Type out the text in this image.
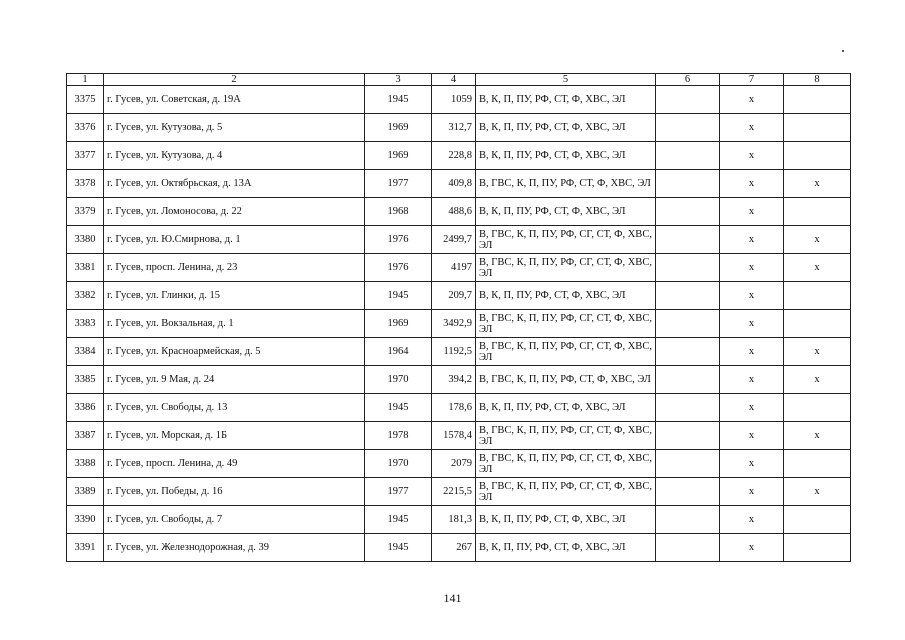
1	2	3	4	5	6	7	8
3375	г. Гусев, ул. Советская, д. 19А	1945	1059	В, К, П, ПУ, РФ, СТ, Ф, ХВС, ЭЛ		x	
3376	г. Гусев, ул. Кутузова, д. 5	1969	312,7	В, К, П, ПУ, РФ, СТ, Ф, ХВС, ЭЛ		x	
3377	г. Гусев, ул. Кутузова, д. 4	1969	228,8	В, К, П, ПУ, РФ, СТ, Ф, ХВС, ЭЛ		x	
3378	г. Гусев, ул. Октябрьская, д. 13А	1977	409,8	В, ГВС, К, П, ПУ, РФ, СТ, Ф, ХВС, ЭЛ		x	x
3379	г. Гусев, ул. Ломоносова, д. 22	1968	488,6	В, К, П, ПУ, РФ, СТ, Ф, ХВС, ЭЛ		x	
3380	г. Гусев, ул. Ю.Смирнова, д. 1	1976	2499,7	В, ГВС, К, П, ПУ, РФ, СГ, СТ, Ф, ХВС, ЭЛ		x	x
3381	г. Гусев, просп. Ленина, д. 23	1976	4197	В, ГВС, К, П, ПУ, РФ, СГ, СТ, Ф, ХВС, ЭЛ		x	x
3382	г. Гусев, ул. Глинки, д. 15	1945	209,7	В, К, П, ПУ, РФ, СТ, Ф, ХВС, ЭЛ		x	
3383	г. Гусев, ул. Вокзальная, д. 1	1969	3492,9	В, ГВС, К, П, ПУ, РФ, СГ, СТ, Ф, ХВС, ЭЛ		x	
3384	г. Гусев, ул. Красноармейская, д. 5	1964	1192,5	В, ГВС, К, П, ПУ, РФ, СГ, СТ, Ф, ХВС, ЭЛ		x	x
3385	г. Гусев, ул. 9 Мая, д. 24	1970	394,2	В, ГВС, К, П, ПУ, РФ, СТ, Ф, ХВС, ЭЛ		x	x
3386	г. Гусев, ул. Свободы, д. 13	1945	178,6	В, К, П, ПУ, РФ, СТ, Ф, ХВС, ЭЛ		x	
3387	г. Гусев, ул. Морская, д. 1Б	1978	1578,4	В, ГВС, К, П, ПУ, РФ, СГ, СТ, Ф, ХВС, ЭЛ		x	x
3388	г. Гусев, просп. Ленина, д. 49	1970	2079	В, ГВС, К, П, ПУ, РФ, СГ, СТ, Ф, ХВС, ЭЛ		x	
3389	г. Гусев, ул. Победы, д. 16	1977	2215,5	В, ГВС, К, П, ПУ, РФ, СГ, СТ, Ф, ХВС, ЭЛ		x	x
3390	г. Гусев, ул. Свободы, д. 7	1945	181,3	В, К, П, ПУ, РФ, СТ, Ф, ХВС, ЭЛ		x	
3391	г. Гусев, ул. Железнодорожная, д. 39	1945	267	В, К, П, ПУ, РФ, СТ, Ф, ХВС, ЭЛ		x	
141
